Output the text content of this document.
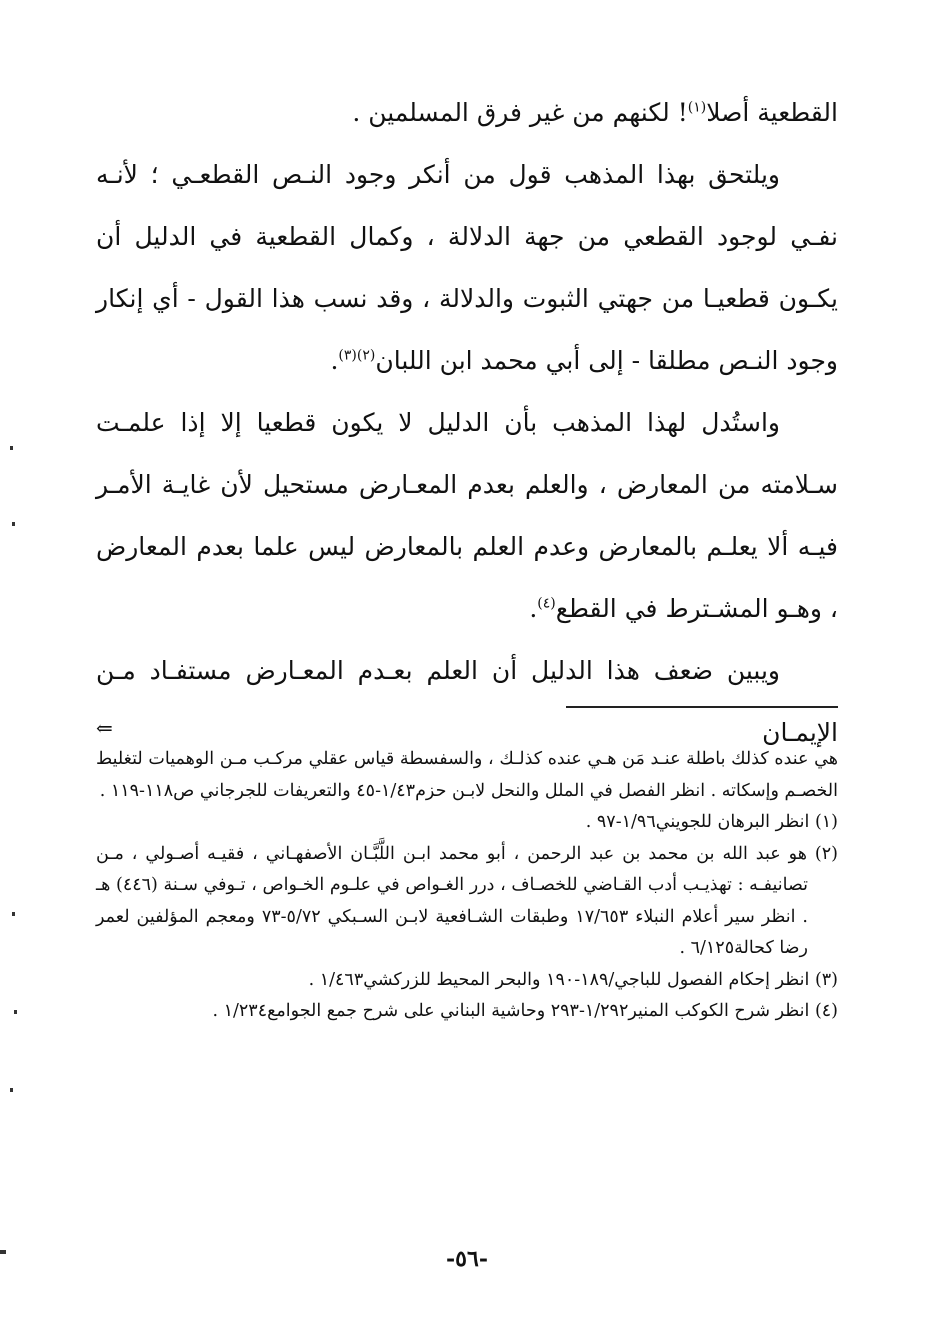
القطعية أصلا$^{(١)}$! لكنهم من غير فرق المسلمين .

ويلتحق بهذا المذهب قول من أنكر وجود النـص القطعـي ؛ لأنـه نفـي لوجود القطعي من جهة الدلالة ، وكمال القطعية في الدليل أن يكـون قطعيـا من جهتي الثبوت والدلالة ، وقد نسب هذا القول - أي إنكار وجود النـص مطلقا - إلى أبي محمد ابن اللبان$^{(٢)(٣)}$.

واستُدل لهذا المذهب بأن الدليل لا يكون قطعيا إلا إذا علمـت سـلامته من المعارض ، والعلم بعدم المعـارض مستحيل لأن غايـة الأمـر فيـه ألا يعلـم بالمعارض وعدم العلم بالمعارض ليس علما بعدم المعارض ، وهـو المشـترط في القطع$^{(٤)}$.

ويبين ضعف هذا الدليل أن العلم بعـدم المعـارض مستفـاد مـن الإيمـان

⇐

هي عنده كذلك باطلة عنـد مَن هـي عنده كذلـك ، والسفسطة قياس عقلي مركـب مـن الوهميات لتغليط الخصـم وإسكاته . انظر الفصل في الملل والنحل لابـن حزم١/٤٣-٤٥ والتعريفات للجرجاني ص١١٨-١١٩ .

(١) انظر البرهان للجويني١/٩٦-٩٧ .

(٢) هو عبد الله بن محمد بن عبد الرحمن ، أبو محمد ابـن اللَّبَّـان الأصفهـاني ، فقيـه أصـولي ، مـن تصانيفـه : تهذيـب أدب القـاضي للخصـاف ، درر الغـواص في علـوم الخـواص ، تـوفي سـنة (٤٤٦) هـ . انظر سير أعلام النبلاء ١٧/٦٥٣ وطبقات الشـافعية لابـن السـبكي ٥/٧٢-٧٣ ومعجم المؤلفين لعمر رضا كحالة٦/١٢٥ .

(٣) انظر إحكام الفصول للباجي/١٨٩-١٩٠ والبحر المحيط للزركشي١/٤٦٣ .

(٤) انظر شرح الكوكب المنير١/٢٩٢-٢٩٣ وحاشية البناني على شرح جمع الجوامع١/٢٣٤ .

-٥٦-
